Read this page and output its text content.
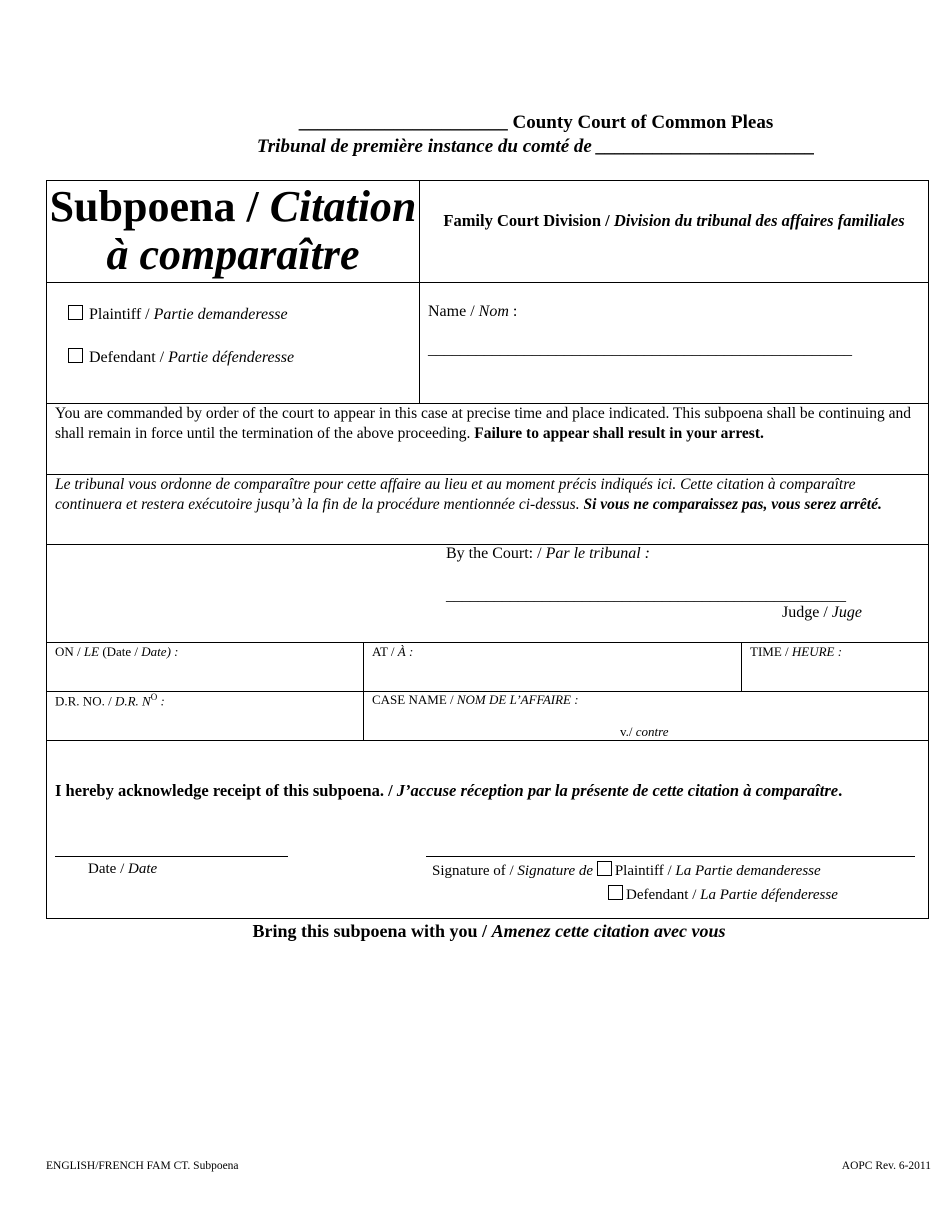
______________________ County Court of Common Pleas
Tribunal de première instance du comté de _______________________
Subpoena / Citation
à comparaître
Family Court Division / Division du tribunal des affaires familiales
Plaintiff / Partie demanderesse
Defendant / Partie défenderesse
Name / Nom :
_____________________________________________________
You are commanded by order of the court to appear in this case at precise time and place indicated. This subpoena shall be continuing and shall remain in force until the termination of the above proceeding. Failure to appear shall result in your arrest.
Le tribunal vous ordonne de comparaître pour cette affaire au lieu et au moment précis indiqués ici. Cette citation à comparaître continuera et restera exécutoire jusqu’à la fin de la procédure mentionnée ci-dessus. Si vous ne comparaissez pas, vous serez arrêté.
By the Court: / Par le tribunal :
__________________________________________________
Judge / Juge
ON / LE (Date / Date) :	AT / À :	TIME / HEURE :
D.R. NO. / D.R. $N^O$ :	CASE NAME / NOM DE L’AFFAIRE :
v./ contre
I hereby acknowledge receipt of this subpoena. / J’accuse réception par la présente de cette citation à comparaître.
Date / Date	Signature of / Signature de Plaintiff / La Partie demanderesse
Defendant / La Partie défenderesse
Bring this subpoena with you / Amenez cette citation avec vous
ENGLISH/FRENCH FAM CT. Subpoena	AOPC Rev. 6-2011
